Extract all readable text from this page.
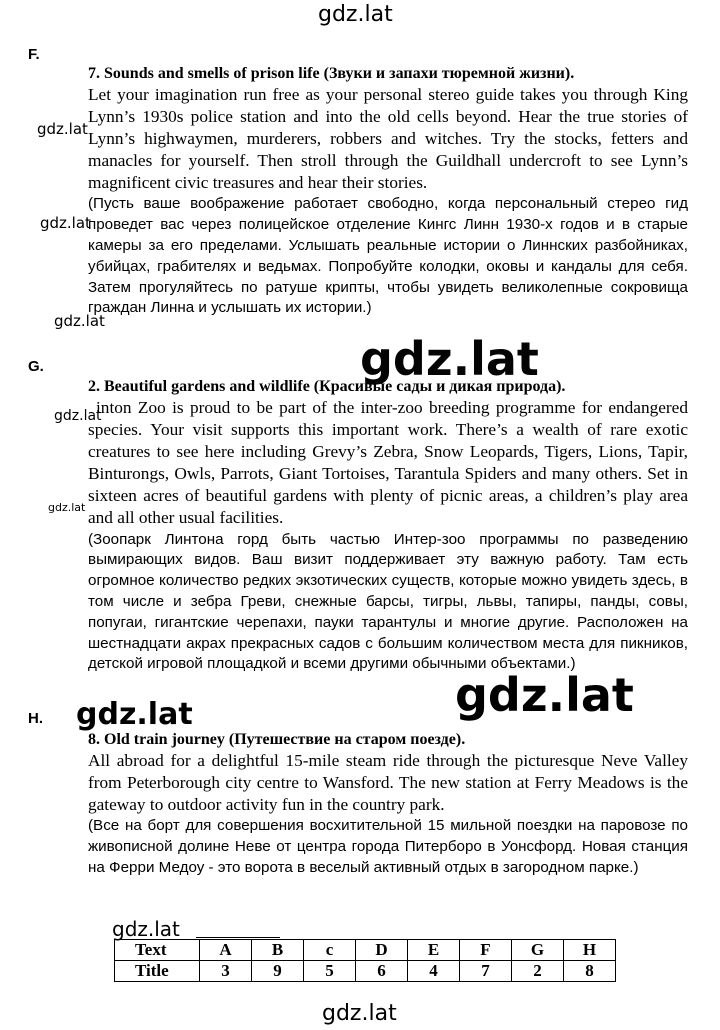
gdz.lat
gdz.lat
gdz.lat
gdz.lat
gdz.lat
gdz.lat
F.

7. Sounds and smells of prison life (Звуки и запахи тюремной жизни).

Let your imagination run free as your personal stereo guide takes you through King Lynn’s 1930s police station and into the old cells beyond. Hear the true stories of Lynn’s highwaymen, murderers, robbers and witches. Try the stocks, fetters and manacles for yourself. Then stroll through the Guildhall undercroft to see Lynn’s magnificent civic treasures and hear their stories.

(Пусть ваше воображение работает свободно, когда персональный стерео гид проведет вас через полицейское отделение Кингс Линн 1930-х годов и в старые камеры за его пределами. Услышать реальные истории о Линнских разбойниках, убийцах, грабителях и ведьмах. Попробуйте колодки, оковы и кандалы для себя. Затем прогуляйтесь по ратуше крипты, чтобы увидеть великолепные сокровища граждан Линна и услышать их истории.)

G.

2. Beautiful gardens and wildlife (Красивые сады и дикая природа).

inton Zoo is proud to be part of the inter-zoo breeding programme for endangered species. Your visit supports this important work. There’s a wealth of rare exotic creatures to see here including Grevy’s Zebra, Snow Leopards, Tigers, Lions, Tapir, Binturongs, Owls, Parrots, Giant Tortoises, Tarantula Spiders and many others. Set in sixteen acres of beautiful gardens with plenty of picnic areas, a children’s play area and all other usual facilities.

(Зоопарк Линтона горд быть частью Интер-зоо программы по разведению вымирающих видов. Ваш визит поддерживает эту важную работу. Там есть огромное количество редких экзотических существ, которые можно увидеть здесь, в том числе и зебра Греви, снежные барсы, тигры, львы, тапиры, панды, совы, попугаи, гигантские черепахи, пауки тарантулы и многие другие. Расположен на шестнадцати акрах прекрасных садов с большим количеством места для пикников, детской игровой площадкой и всеми другими обычными объектами.)

H.

8. Old train journey (Путешествие на старом поезде).

All abroad for a delightful 15-mile steam ride through the picturesque Neve Valley from Peterborough city centre to Wansford. The new station at Ferry Meadows is the gateway to outdoor activity fun in the country park.

(Все на борт для совершения восхитительной 15 мильной поездки на паровозе по живописной долине Неве от центра города Питерборо в Уонсфорд. Новая станция на Ферри Медоу - это ворота в веселый активный отдых в загородном парке.)

gdz.lat
gdz.lat
gdz.lat
gdz.lat
Text	A	B	c	D	E	F	G	H
Title	3	9	5	6	4	7	2	8
gdz.lat
